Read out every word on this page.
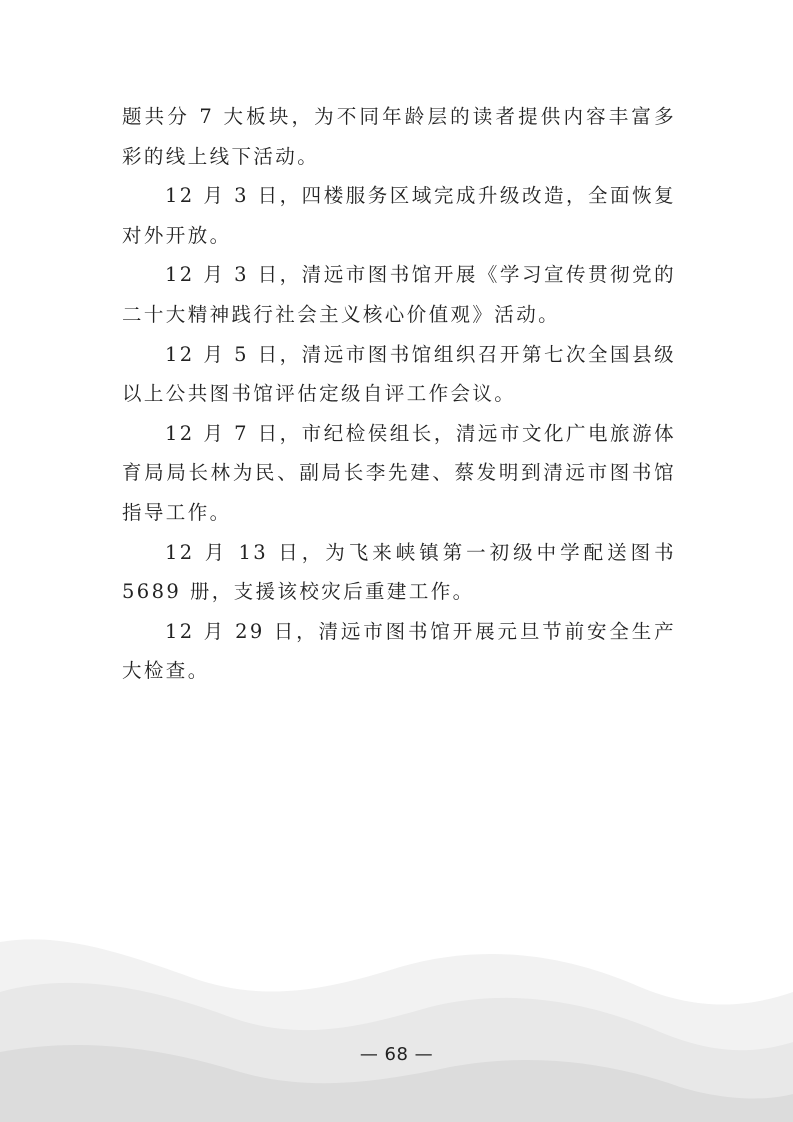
题共分 7 大板块，为不同年龄层的读者提供内容丰富多彩的线上线下活动。

12 月 3 日，四楼服务区域完成升级改造，全面恢复对外开放。

12 月 3 日，清远市图书馆开展《学习宣传贯彻党的二十大精神践行社会主义核心价值观》活动。

12 月 5 日，清远市图书馆组织召开第七次全国县级以上公共图书馆评估定级自评工作会议。

12 月 7 日，市纪检侯组长，清远市文化广电旅游体育局局长林为民、副局长李先建、蔡发明到清远市图书馆指导工作。

12 月 13 日，为飞来峡镇第一初级中学配送图书 5689 册，支援该校灾后重建工作。

12 月 29 日，清远市图书馆开展元旦节前安全生产大检查。

— 68 —
